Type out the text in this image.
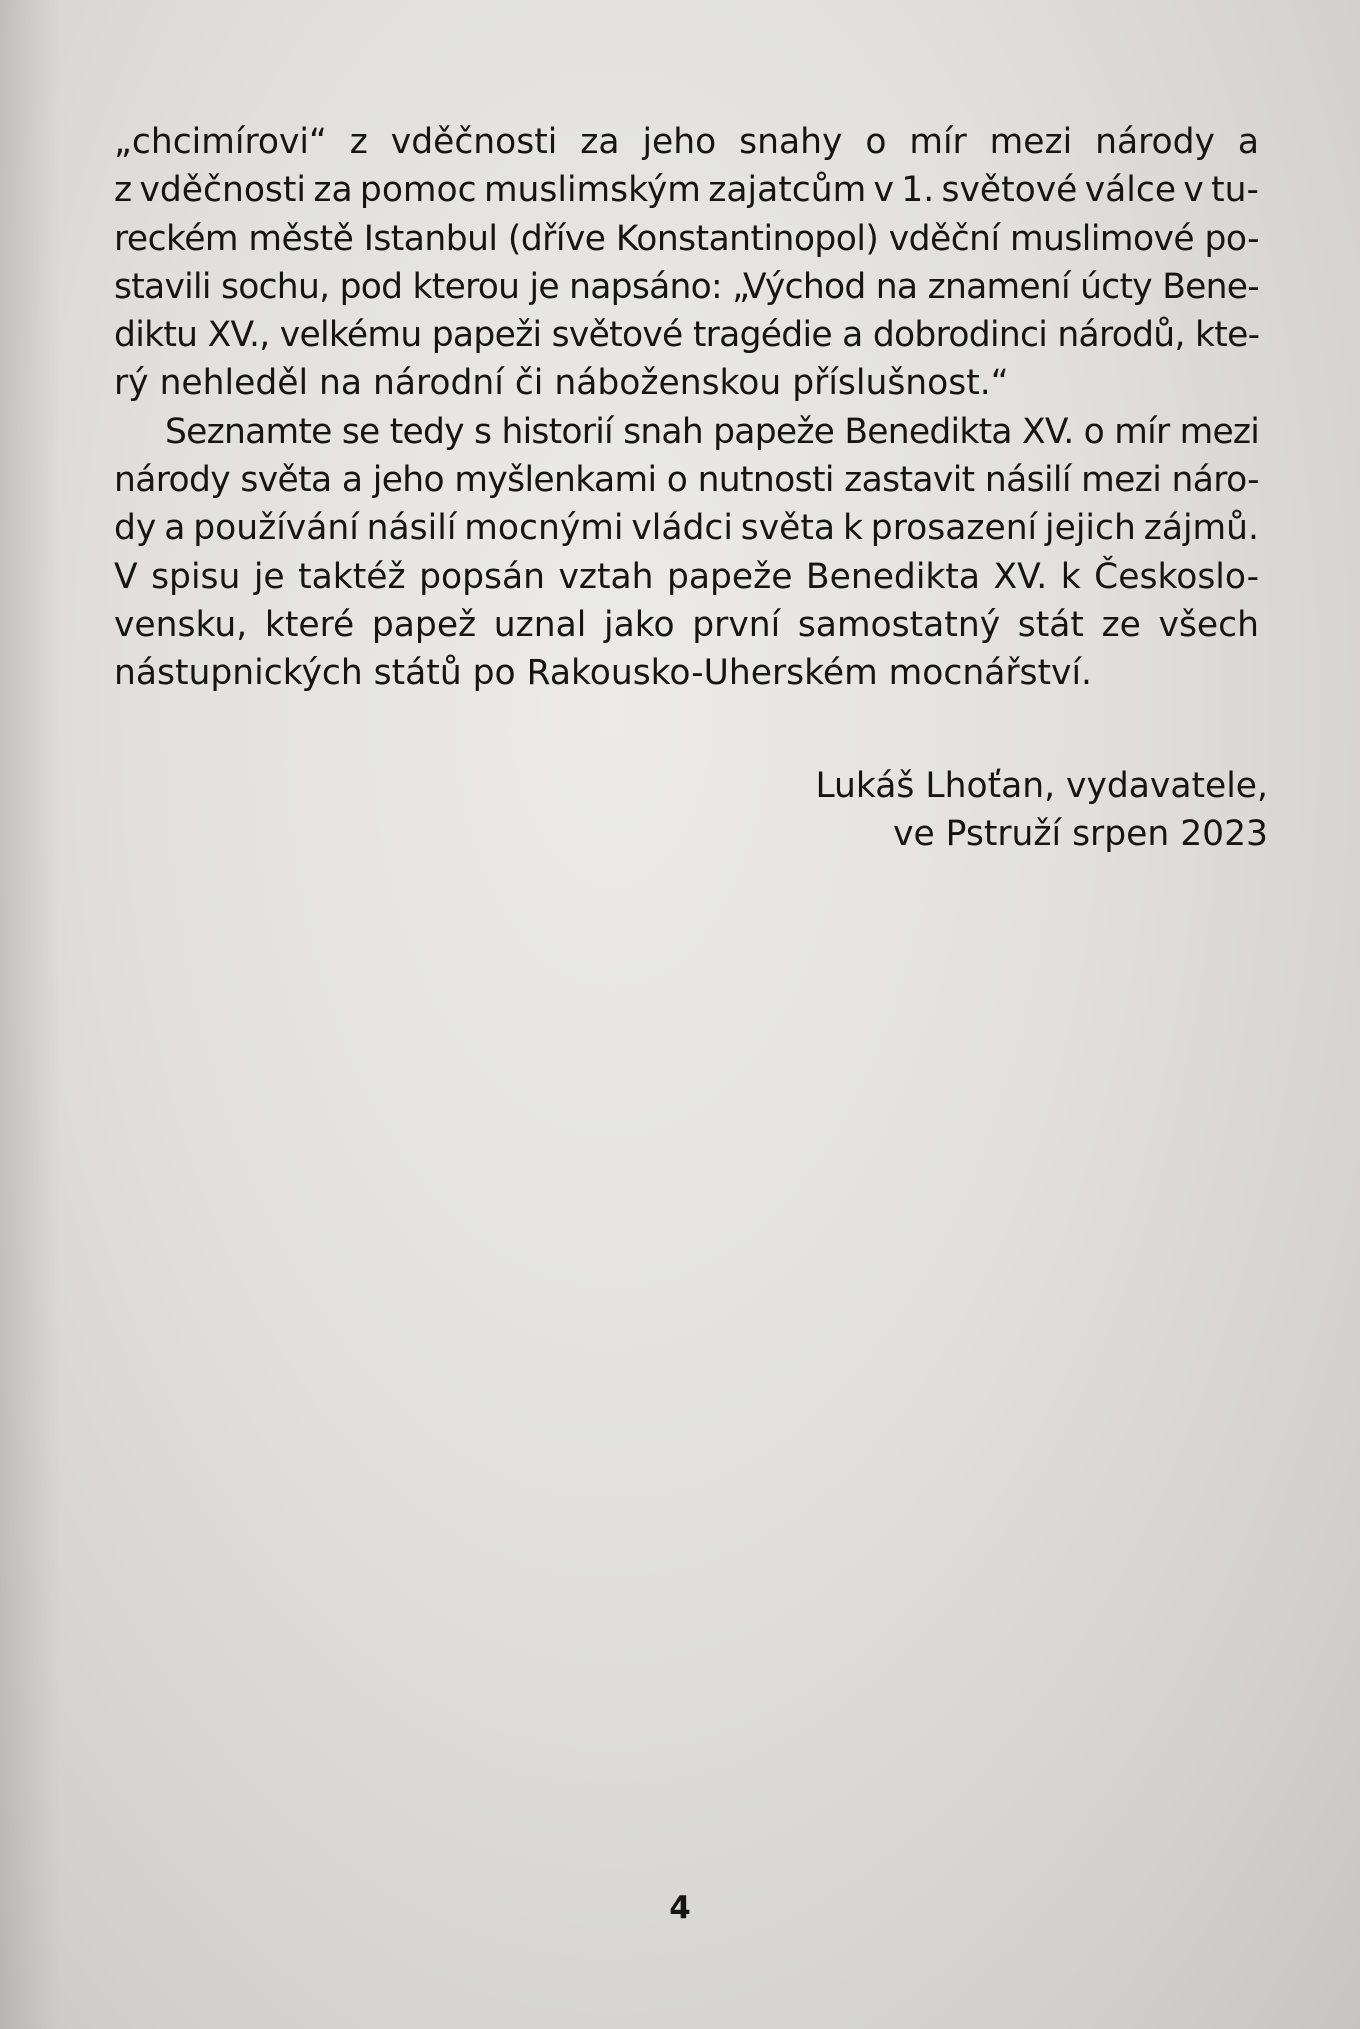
„chcimírovi“ z vděčnosti za jeho snahy o mír mezi národy a
z vděčnosti za pomoc muslimským zajatcům v 1. světové válce v tu-
reckém městě Istanbul (dříve Konstantinopol) vděční muslimové po-
stavili sochu, pod kterou je napsáno: „Východ na znamení úcty Bene-
diktu XV., velkému papeži světové tragédie a dobrodinci národů, kte-
rý nehleděl na národní či náboženskou příslušnost.“

Seznamte se tedy s historií snah papeže Benedikta XV. o mír mezi
národy světa a jeho myšlenkami o nutnosti zastavit násilí mezi náro-
dy a používání násilí mocnými vládci světa k prosazení jejich zájmů.
V spisu je taktéž popsán vztah papeže Benedikta XV. k Českoslo-
vensku, které papež uznal jako první samostatný stát ze všech
nástupnických států po Rakousko-Uherském mocnářství.

Lukáš Lhoťan, vydavatele,
ve Pstruží srpen 2023
4
